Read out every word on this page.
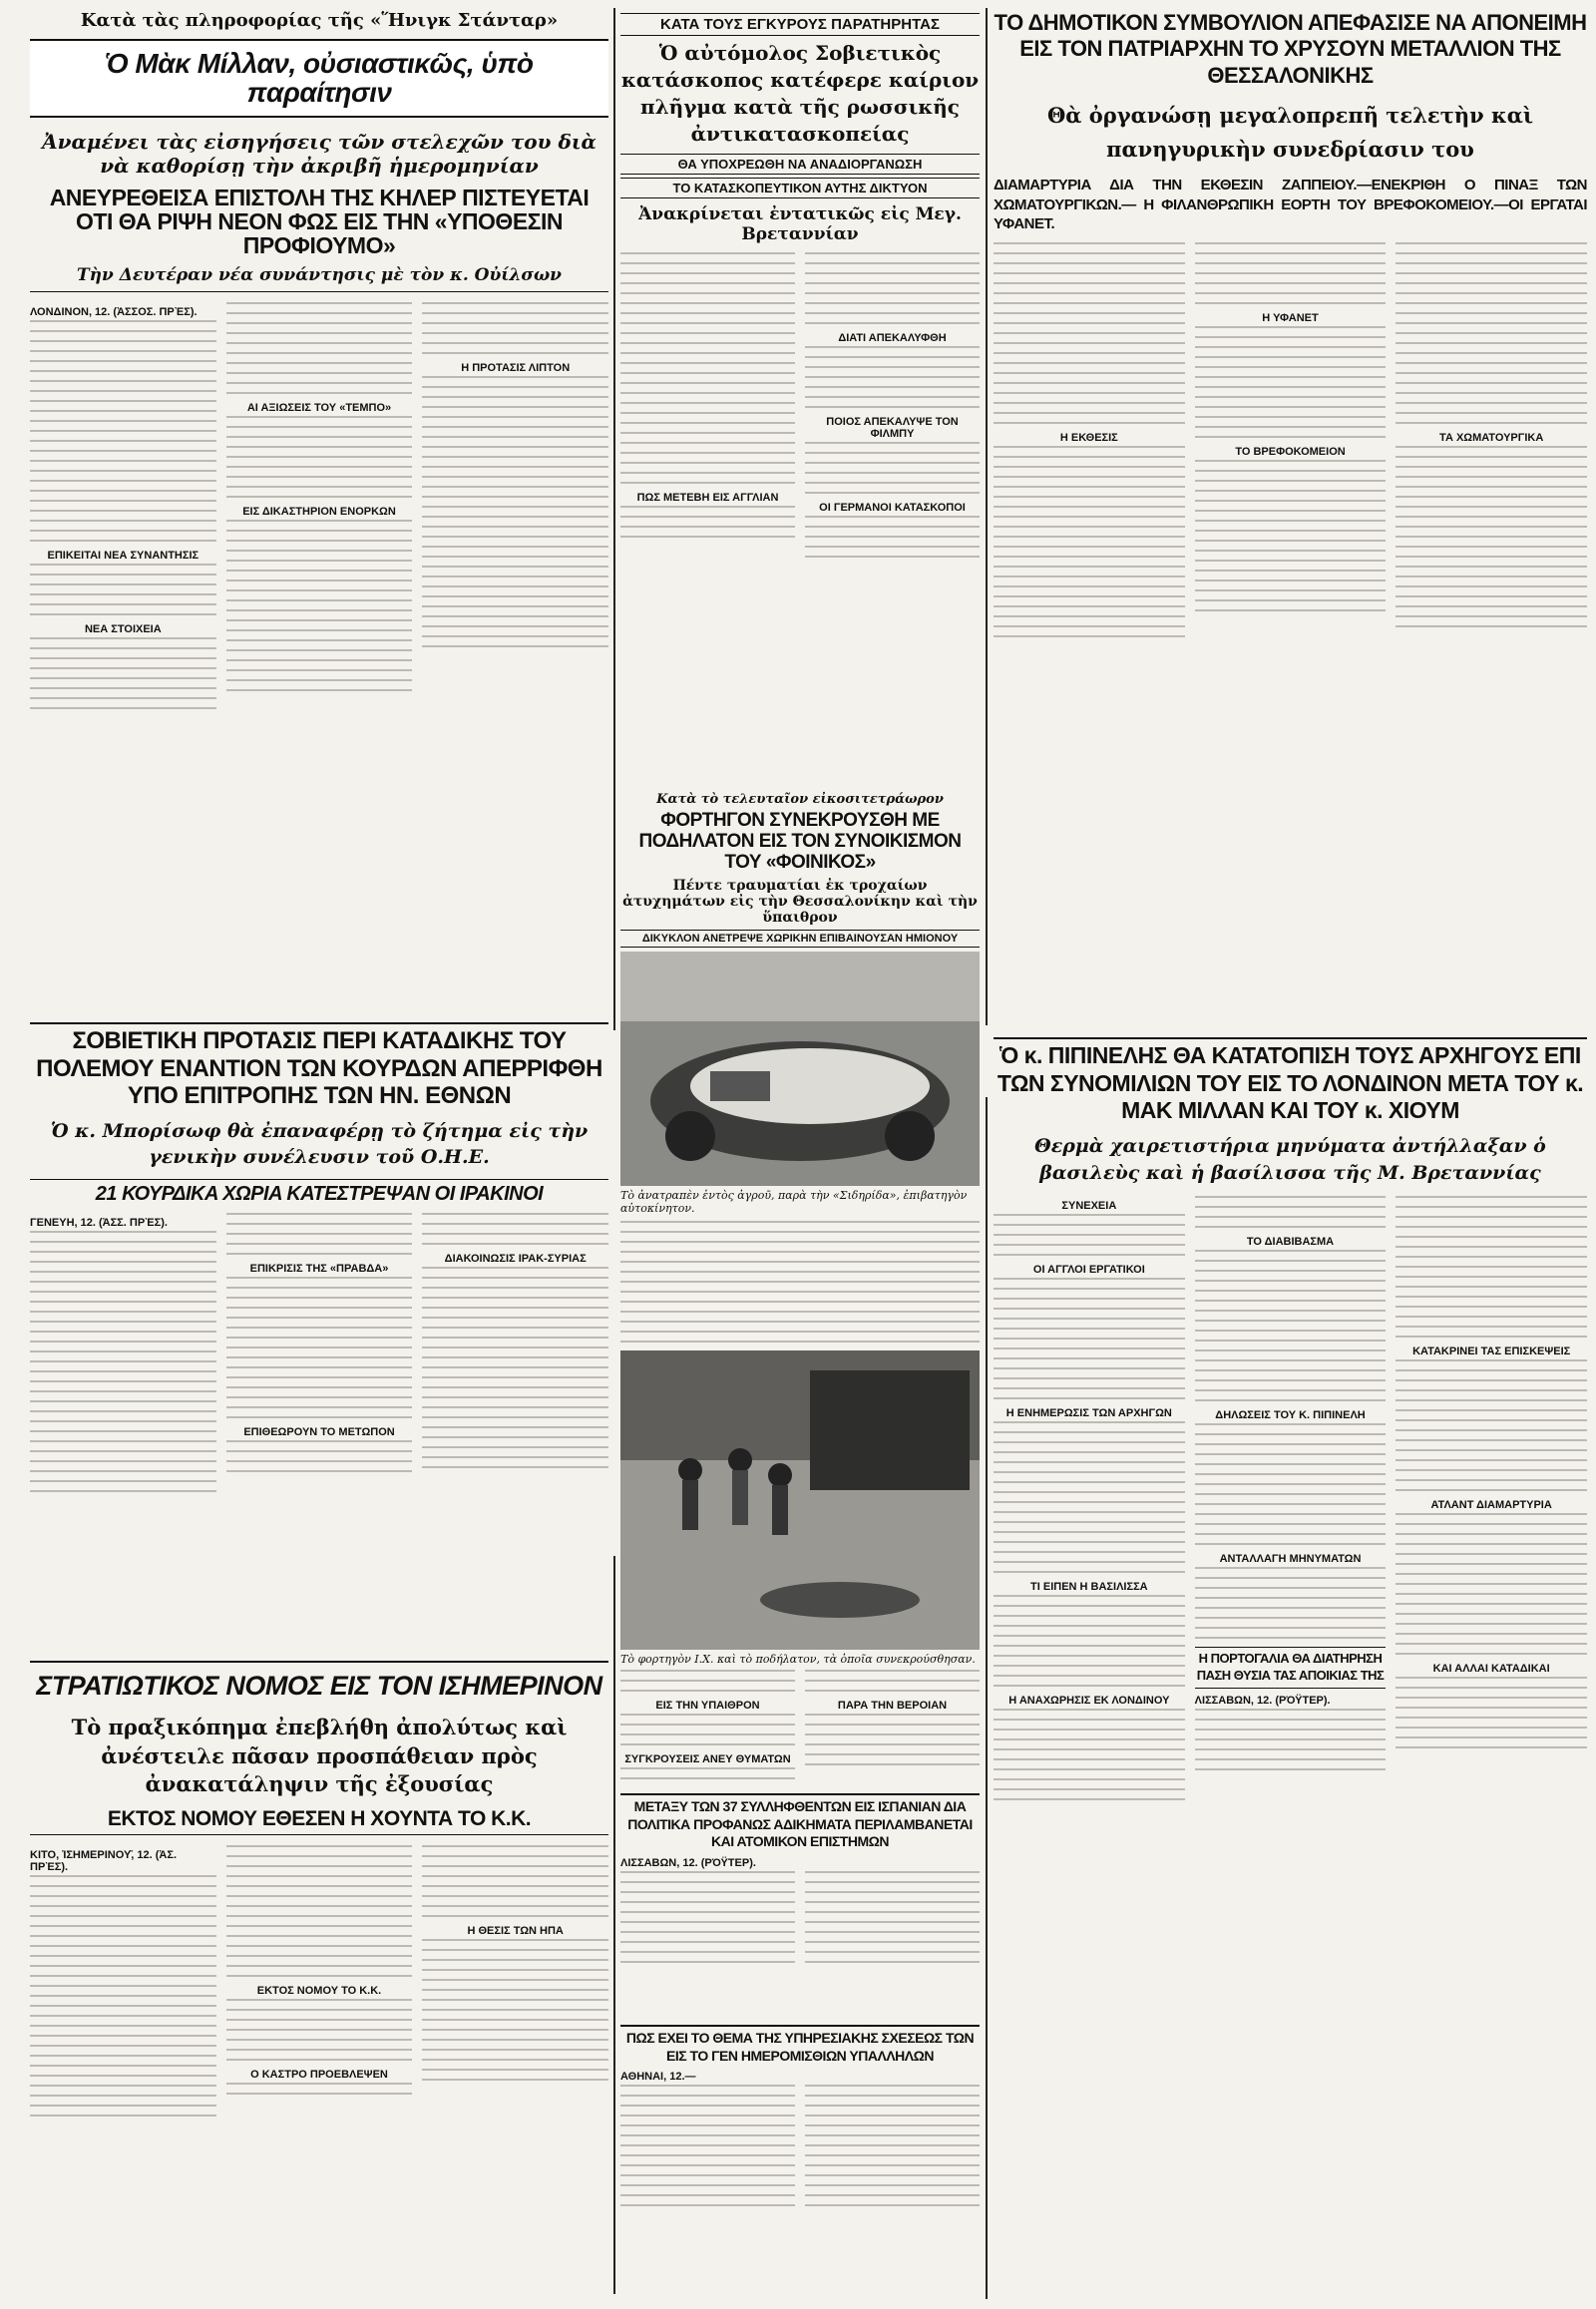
Κατὰ τὰς πληροφορίας τῆς «Ἥνιγκ Στάνταρ»
Ὁ Μὰκ Μίλλαν, οὐσιαστικῶς, ὑπὸ παραίτησιν
Ἀναμένει τὰς εἰσηγήσεις τῶν στελεχῶν του διὰ νὰ καθορίσῃ τὴν ἀκριβῆ ἡμερομηνίαν
ΑΝΕΥΡΕΘΕΙΣΑ ΕΠΙΣΤΟΛΗ ΤΗΣ ΚΗΛΕΡ ΠΙΣΤΕΥΕΤΑΙ ΟΤΙ ΘΑ ΡΙΨΗ ΝΕΟΝ ΦΩΣ ΕΙΣ ΤΗΝ «ΥΠΟΘΕΣΙΝ ΠΡΟΦΙΟΥΜΟ»
Τὴν Δευτέραν νέα συνάντησις μὲ τὸν κ. Οὐίλσων
ΛΟΝΔΙΝΟΝ, 12. (ἈΣΣΟΣ. ΠΡῈΣ).
ΕΠΙΚΕΙΤΑΙ ΝΕΑ ΣΥΝΑΝΤΗΣΙΣ
ΝΕΑ ΣΤΟΙΧΕΙΑ
ΑΙ ΑΞΙΩΣΕΙΣ ΤΟΥ «ΤΕΜΠΟ»
ΕΙΣ ΔΙΚΑΣΤΗΡΙΟΝ ΕΝΟΡΚΩΝ
Η ΠΡΟΤΑΣΙΣ ΛΙΠΤΟΝ
ΚΑΤΑ ΤΟΥΣ ΕΓΚΥΡΟΥΣ ΠΑΡΑΤΗΡΗΤΑΣ
Ὁ αὐτόμολος Σοβιετικὸς κατάσκοπος κατέφερε καίριον πλῆγμα κατὰ τῆς ρωσσικῆς ἀντικατασκοπείας
ΘΑ ΥΠΟΧΡΕΩΘΗ ΝΑ ΑΝΑΔΙΟΡΓΑΝΩΣΗ
ΤΟ ΚΑΤΑΣΚΟΠΕΥΤΙΚΟΝ ΑΥΤΗΣ ΔΙΚΤΥΟΝ
Ἀνακρίνεται ἐντατικῶς εἰς Μεγ. Βρεταννίαν
ΠΩΣ ΜΕΤΕΒΗ ΕΙΣ ΑΓΓΛΙΑΝ
ΔΙΑΤΙ ΑΠΕΚΑΛΥΦΘΗ
ΠΟΙΟΣ ΑΠΕΚΑΛΥΨΕ ΤΟΝ ΦΙΛΜΠΥ
ΟΙ ΓΕΡΜΑΝΟΙ ΚΑΤΑΣΚΟΠΟΙ
ΤΟ ΔΗΜΟΤΙΚΟΝ ΣΥΜΒΟΥΛΙΟΝ ΑΠΕΦΑΣΙΣΕ ΝΑ ΑΠΟΝΕΙΜΗ ΕΙΣ ΤΟΝ ΠΑΤΡΙΑΡΧΗΝ ΤΟ ΧΡΥΣΟΥΝ ΜΕΤΑΛΛΙΟΝ ΤΗΣ ΘΕΣΣΑΛΟΝΙΚΗΣ
Θὰ ὀργανώσῃ μεγαλοπρεπῆ τελετὴν καὶ πανηγυρικὴν συνεδρίασιν του
ΔΙΑΜΑΡΤΥΡΙΑ ΔΙΑ ΤΗΝ ΕΚΘΕΣΙΝ ΖΑΠΠΕΙΟΥ.—ΕΝΕΚΡΙΘΗ Ο ΠΙΝΑΞ ΤΩΝ ΧΩΜΑΤΟΥΡΓΙΚΩΝ.— Η ΦΙΛΑΝΘΡΩΠΙΚΗ ΕΟΡΤΗ ΤΟΥ ΒΡΕΦΟΚΟΜΕΙΟΥ.—ΟΙ ΕΡΓΑΤΑΙ ΥΦΑΝΕΤ.
Η ΕΚΘΕΣΙΣ
Η ΥΦΑΝΕΤ
ΤΟ ΒΡΕΦΟΚΟΜΕΙΟΝ
ΤΑ ΧΩΜΑΤΟΥΡΓΙΚΑ
Κατὰ τὸ τελευταῖον εἰκοσιτετράωρον
ΦΟΡΤΗΓΟΝ ΣΥΝΕΚΡΟΥΣΘΗ ΜΕ ΠΟΔΗΛΑΤΟΝ ΕΙΣ ΤΟΝ ΣΥΝΟΙΚΙΣΜΟΝ ΤΟΥ «ΦΟΙΝΙΚΟΣ»
Πέντε τραυματίαι ἐκ τροχαίων ἀτυχημάτων εἰς τὴν Θεσσαλονίκην καὶ τὴν ὕπαιθρον
ΔΙΚΥΚΛΟΝ ΑΝΕΤΡΕΨΕ ΧΩΡΙΚΗΝ ΕΠΙΒΑΙΝΟΥΣΑΝ ΗΜΙΟΝΟΥ
Τὸ ἀνατραπὲν ἐντὸς ἀγροῦ, παρὰ τὴν «Σιδηρίδα», ἐπιβατηγὸν αὐτοκίνητον.
Τὸ φορτηγὸν Ι.Χ. καὶ τὸ ποδήλατον, τὰ ὁποῖα συνεκρούσθησαν.
ΕΙΣ ΤΗΝ ΥΠΑΙΘΡΟΝ
ΣΥΓΚΡΟΥΣΕΙΣ ΑΝΕΥ ΘΥΜΑΤΩΝ
ΠΑΡΑ ΤΗΝ ΒΕΡΟΙΑΝ
ΣΟΒΙΕΤΙΚΗ ΠΡΟΤΑΣΙΣ ΠΕΡΙ ΚΑΤΑΔΙΚΗΣ ΤΟΥ ΠΟΛΕΜΟΥ ΕΝΑΝΤΙΟΝ ΤΩΝ ΚΟΥΡΔΩΝ ΑΠΕΡΡΙΦΘΗ ΥΠΟ ΕΠΙΤΡΟΠΗΣ ΤΩΝ ΗΝ. ΕΘΝΩΝ
Ὁ κ. Μπορίσωφ θὰ ἐπαναφέρῃ τὸ ζήτημα εἰς τὴν γενικὴν συνέλευσιν τοῦ Ο.Η.Ε.
21 ΚΟΥΡΔΙΚΑ ΧΩΡΙΑ ΚΑΤΕΣΤΡΕΨΑΝ ΟΙ ΙΡΑΚΙΝΟΙ
ΓΕΝΕΥΗ, 12. (ἈΣΣ. ΠΡῈΣ).
ΕΠΙΚΡΙΣΙΣ ΤΗΣ «ΠΡΑΒΔΑ»
ΕΠΙΘΕΩΡΟΥΝ ΤΟ ΜΕΤΩΠΟΝ
ΔΙΑΚΟΙΝΩΣΙΣ ΙΡΑΚ-ΣΥΡΙΑΣ
ΣΤΡΑΤΙΩΤΙΚΟΣ ΝΟΜΟΣ ΕΙΣ ΤΟΝ ΙΣΗΜΕΡΙΝΟΝ
Τὸ πραξικόπημα ἐπεβλήθη ἀπολύτως καὶ ἀνέστειλε πᾶσαν προσπάθειαν πρὸς ἀνακατάληψιν τῆς ἐξουσίας
ΕΚΤΟΣ ΝΟΜΟΥ ΕΘΕΣΕΝ Η ΧΟΥΝΤΑ ΤΟ Κ.Κ.
ΚΙΤΟ, ἸΣΗΜΕΡΙΝΟΥ͂, 12. (ἈΣ. ΠΡῈΣ).
ΕΚΤΟΣ ΝΟΜΟΥ ΤΟ Κ.Κ.
Ο ΚΑΣΤΡΟ ΠΡΟΕΒΛΕΨΕΝ
Η ΘΕΣΙΣ ΤΩΝ ΗΠΑ
Ὁ κ. ΠΙΠΙΝΕΛΗΣ ΘΑ ΚΑΤΑΤΟΠΙΣΗ ΤΟΥΣ ΑΡΧΗΓΟΥΣ ΕΠΙ ΤΩΝ ΣΥΝΟΜΙΛΙΩΝ ΤΟΥ ΕΙΣ ΤΟ ΛΟΝΔΙΝΟΝ ΜΕΤΑ ΤΟΥ κ. ΜΑΚ ΜΙΛΛΑΝ ΚΑΙ ΤΟΥ κ. ΧΙΟΥΜ
Θερμὰ χαιρετιστήρια μηνύματα ἀντήλλαξαν ὁ βασιλεὺς καὶ ἡ βασίλισσα τῆς Μ. Βρεταννίας
ΣΥΝΕΧΕΙΑ
ΟΙ ΑΓΓΛΟΙ ΕΡΓΑΤΙΚΟΙ
Η ΕΝΗΜΕΡΩΣΙΣ ΤΩΝ ΑΡΧΗΓΩΝ
ΤΙ ΕΙΠΕΝ Η ΒΑΣΙΛΙΣΣΑ
Η ΑΝΑΧΩΡΗΣΙΣ ΕΚ ΛΟΝΔΙΝΟΥ
ΤΟ ΔΙΑΒΙΒΑΣΜΑ
ΔΗΛΩΣΕΙΣ ΤΟΥ Κ. ΠΙΠΙΝΕΛΗ
ΑΝΤΑΛΛΑΓΗ ΜΗΝΥΜΑΤΩΝ
Η ΠΟΡΤΟΓΑΛΙΑ ΘΑ ΔΙΑΤΗΡΗΣΗ ΠΑΣΗ ΘΥΣΙΑ ΤΑΣ ΑΠΟΙΚΙΑΣ ΤΗΣ
ΛΙΣΣΑΒΩΝ, 12. (ΡΌΫΤΕΡ).
ΚΑΤΑΚΡΙΝΕΙ ΤΑΣ ΕΠΙΣΚΕΨΕΙΣ
ΑΤΛΑΝΤ ΔΙΑΜΑΡΤΥΡΙΑ
ΚΑΙ ΑΛΛΑΙ ΚΑΤΑΔΙΚΑΙ
ΜΕΤΑΞΥ ΤΩΝ 37 ΣΥΛΛΗΦΘΕΝΤΩΝ ΕΙΣ ΙΣΠΑΝΙΑΝ ΔΙΑ ΠΟΛΙΤΙΚΑ ΠΡΟΦΑΝΩΣ ΑΔΙΚΗΜΑΤΑ ΠΕΡΙΛΑΜΒΑΝΕΤΑΙ ΚΑΙ ΑΤΟΜΙΚΟΝ ΕΠΙΣΤΗΜΩΝ
ΛΙΣΣΑΒΩΝ, 12. (ΡΌΫΤΕΡ).
ΠΩΣ ΕΧΕΙ ΤΟ ΘΕΜΑ ΤΗΣ ΥΠΗΡΕΣΙΑΚΗΣ ΣΧΕΣΕΩΣ ΤΩΝ ΕΙΣ ΤΟ ΓΕΝ ΗΜΕΡΟΜΙΣΘΙΩΝ ΥΠΑΛΛΗΛΩΝ
ΑΘΗΝΑΙ, 12.—
